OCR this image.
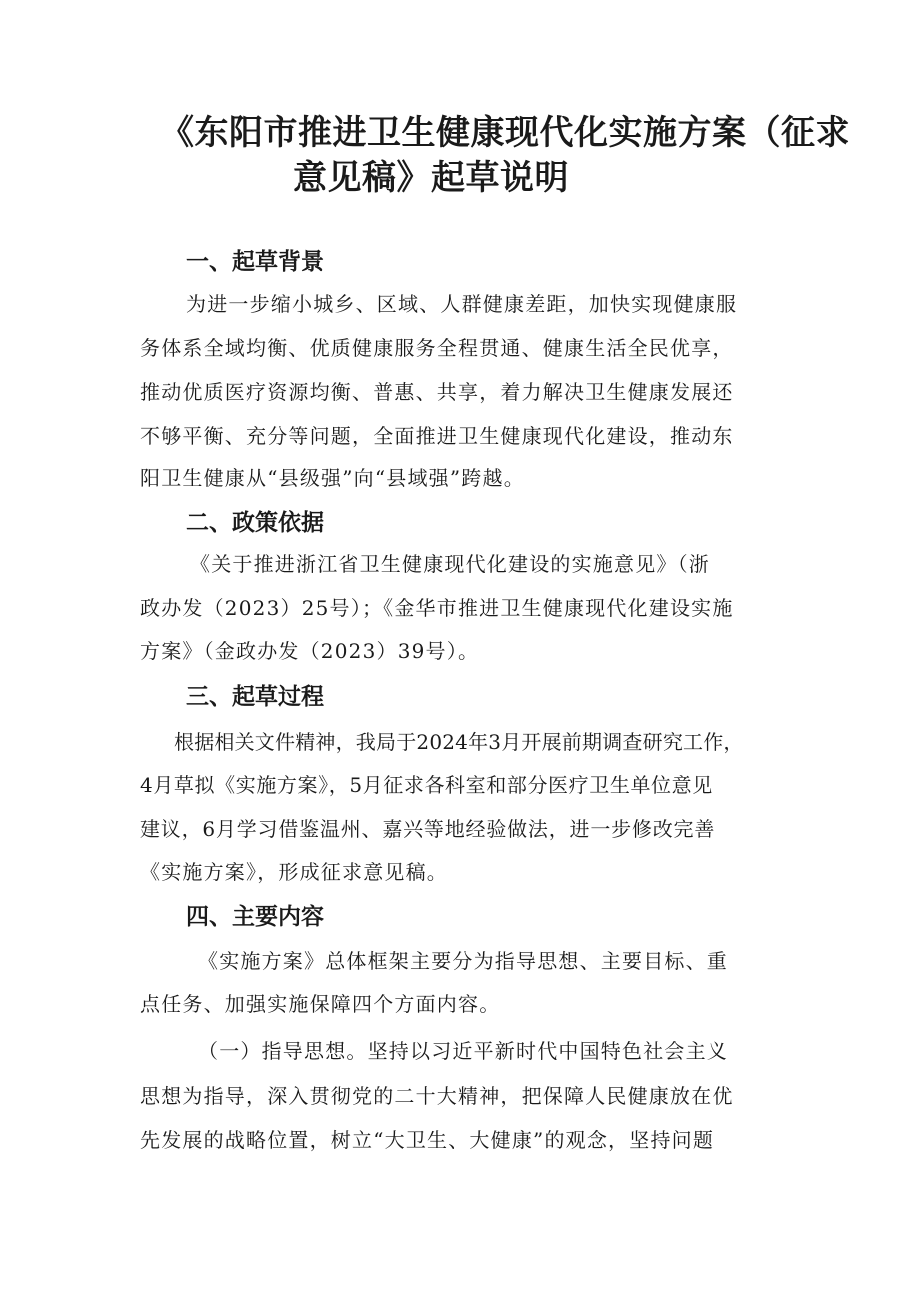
《东阳市推进卫生健康现代化实施方案（征求
意见稿》起草说明
一、起草背景

为进一步缩小城乡、区域、人群健康差距，加快实现健康服

务体系全域均衡、优质健康服务全程贯通、健康生活全民优享，

推动优质医疗资源均衡、普惠、共享，着力解决卫生健康发展还

不够平衡、充分等问题，全面推进卫生健康现代化建设，推动东

阳卫生健康从“县级强”向“县域强”跨越。

二、政策依据

《关于推进浙江省卫生健康现代化建设的实施意见》（浙

政办发（2023）25号）；《金华市推进卫生健康现代化建设实施

方案》（金政办发（2023）39号）。

三、起草过程

根据相关文件精神，我局于2024年3月开展前期调查研究工作，

4月草拟《实施方案》，5月征求各科室和部分医疗卫生单位意见

建议，6月学习借鉴温州、嘉兴等地经验做法，进一步修改完善

《实施方案》，形成征求意见稿。

四、主要内容

《实施方案》总体框架主要分为指导思想、主要目标、重

点任务、加强实施保障四个方面内容。

（一）指导思想。坚持以习近平新时代中国特色社会主义

思想为指导，深入贯彻党的二十大精神，把保障人民健康放在优

先发展的战略位置，树立“大卫生、大健康”的观念，坚持问题
